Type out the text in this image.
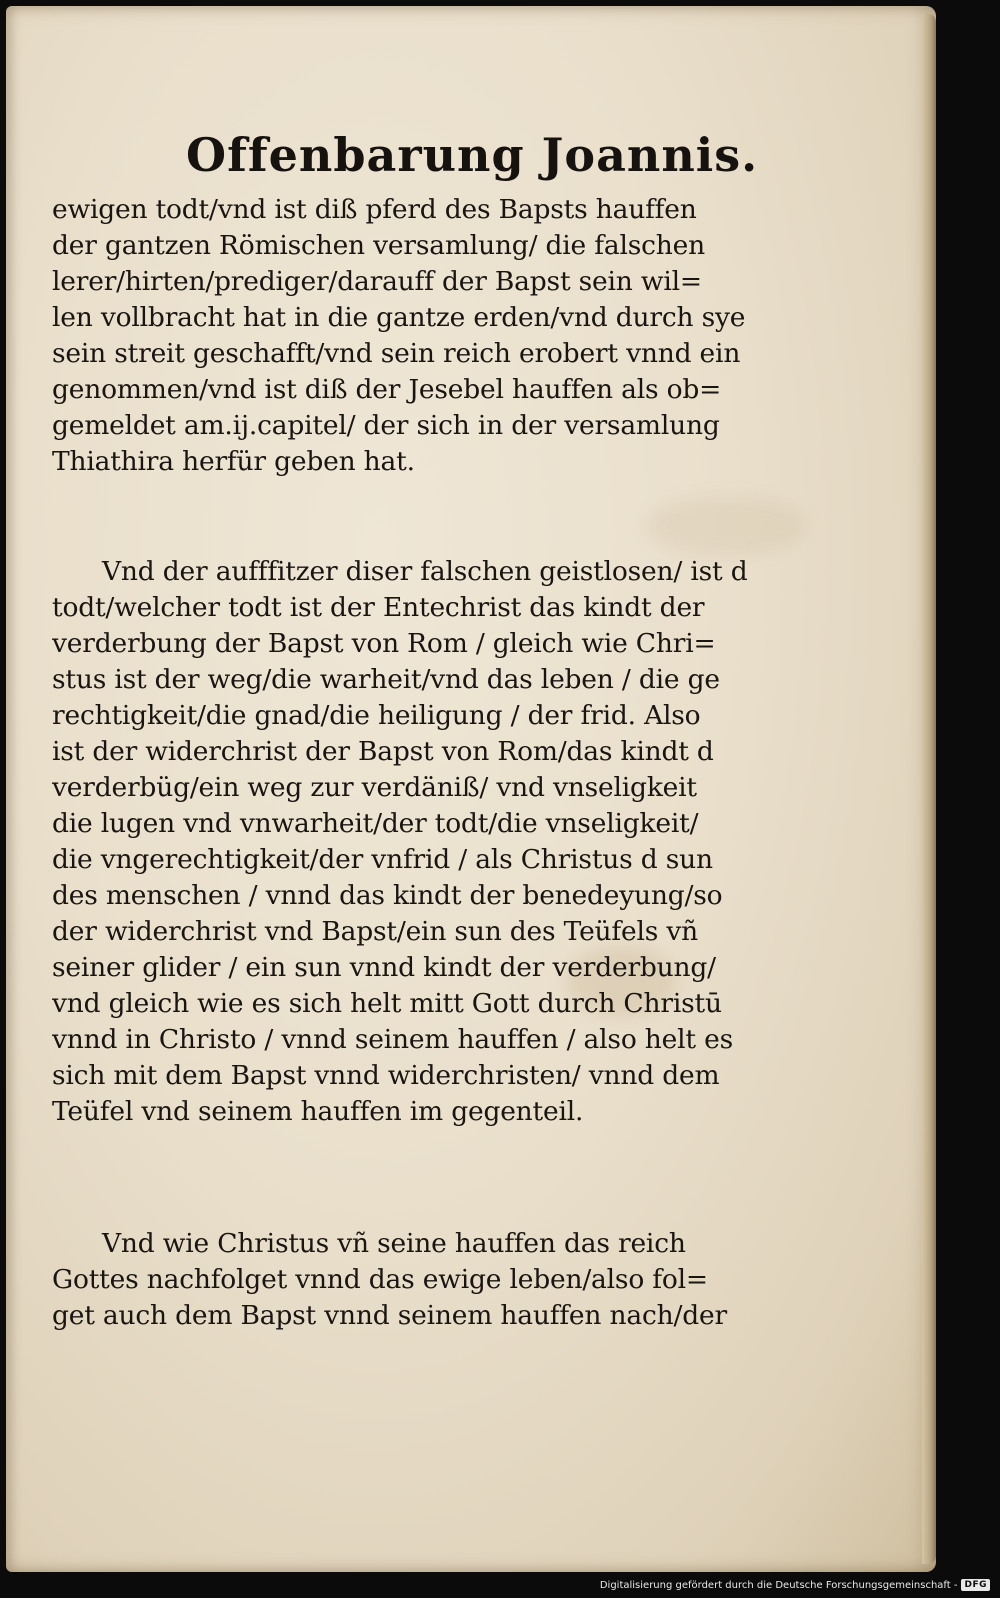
Offenbarung Joannis.
ewigen todt/vnd ist diß pferd des Bapsts hauffen
der gantzen Römischen versamlung/ die falschen
lerer/hirten/prediger/darauff der Bapst sein wil=
len vollbracht hat in die gantze erden/vnd durch sye
sein streit geschafft/vnd sein reich erobert vnnd ein
genommen/vnd ist diß der Jesebel hauffen als ob=
gemeldet am.ij.capitel/ der sich in der versamlung
Thiathira herfür geben hat.
Vnd der aufffitzer diser falschen geistlosen/ ist d
todt/welcher todt ist der Entechrist das kindt der
verderbung der Bapst von Rom / gleich wie Chri=
stus ist der weg/die warheit/vnd das leben / die ge
rechtigkeit/die gnad/die heiligung / der frid. Also
ist der widerchrist der Bapst von Rom/das kindt d
verderbüg/ein weg zur verdäniß/ vnd vnseligkeit
die lugen vnd vnwarheit/der todt/die vnseligkeit/
die vngerechtigkeit/der vnfrid / als Christus d sun
des menschen / vnnd das kindt der benedeyung/so
der widerchrist vnd Bapst/ein sun des Teüfels vñ
seiner glider / ein sun vnnd kindt der verderbung/
vnd gleich wie es sich helt mitt Gott durch Christū
vnnd in Christo / vnnd seinem hauffen / also helt es
sich mit dem Bapst vnnd widerchristen/ vnnd dem
Teüfel vnd seinem hauffen im gegenteil.
Vnd wie Christus vñ seine hauffen das reich
Gottes nachfolget vnnd das ewige leben/also fol=
get auch dem Bapst vnnd seinem hauffen nach/der
Digitalisierung gefördert durch die Deutsche Forschungsgemeinschaft - DFG
